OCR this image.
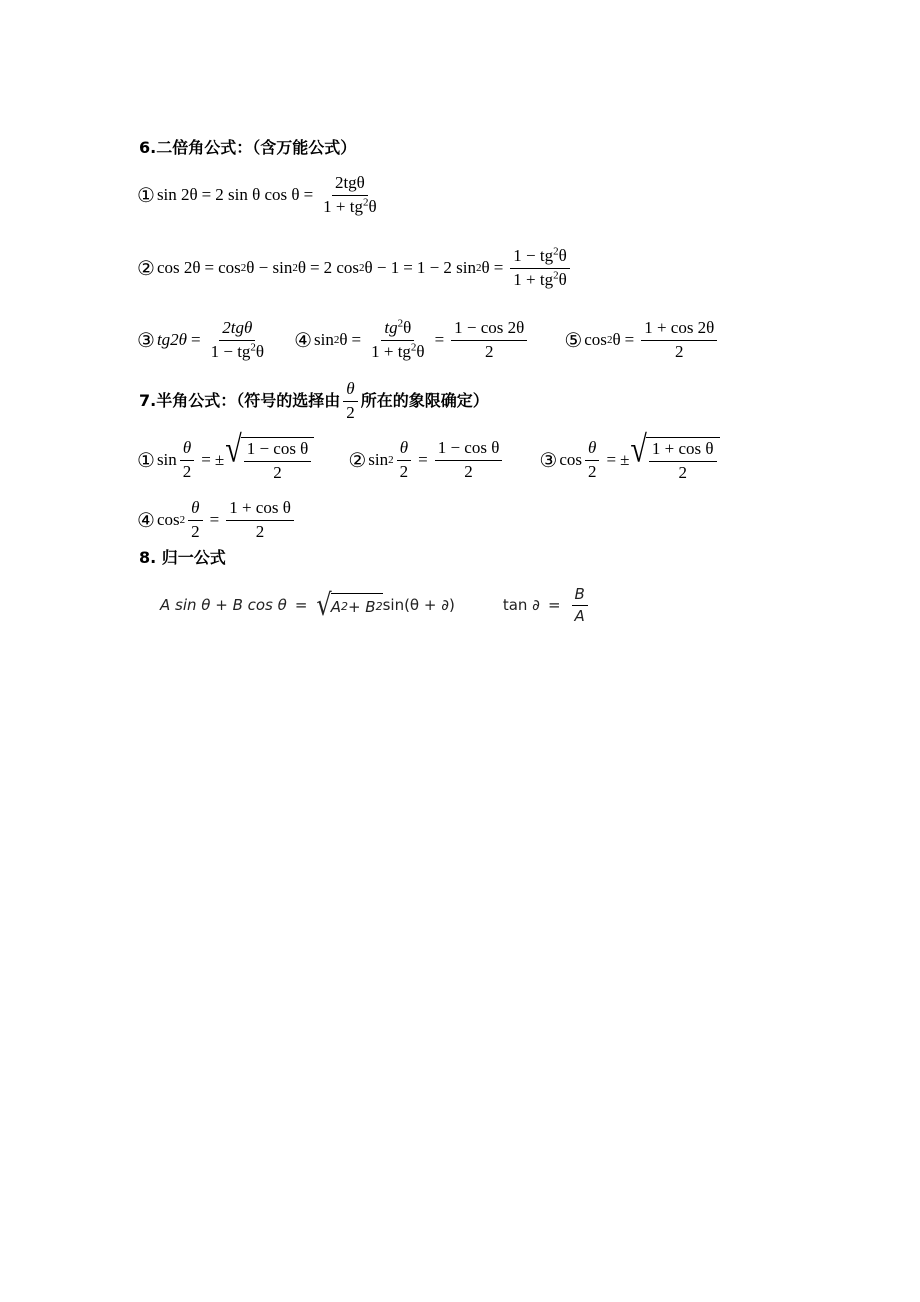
6.二倍角公式：（含万能公式）
① sin 2θ = 2 sin θ $\cos \theta = \frac{\text{2tgθ}}{1 + tg^2\theta}$
② cos 2θ = cos 2 θ − sin 2 θ = 2 cos 2 θ − 1 = 1 − 2 sin 2 $\theta = \frac{1 - tg^2\theta}{1 + tg^2\theta}$
③ $tg2\theta = \frac{\text{2tgθ}}{1 - tg^2\theta}$ ④ sin 2 $\theta = \frac{tg^2\theta}{1 + tg^2\theta} = \frac{1 - \cos 2\theta}{2}$ ⑤ cos 2 $\theta = \frac{1 + \cos 2\theta}{2}$
7.半角公式：（符号的选择由 $\frac{\theta}{2}$ 所在的象限确定）
① $\sin \frac{\theta}{2}$ = ± √ $\frac{\text{1 − cos θ}}{2}$ ② $\sin 2 \frac{\theta}{2} = \frac{\text{1 − cos θ}}{2}$ ③ $\cos \frac{\theta}{2}$ = ± √ $\frac{\text{1 + cos θ}}{2}$
④ $\cos 2 \frac{\theta}{2} = \frac{\text{1 + cos θ}}{2}$
8. 归一公式
A sin θ + B cos θ = √ A 2 + B 2 sin(θ + ∂)	tan ∂ = $\frac{B}{A}$
